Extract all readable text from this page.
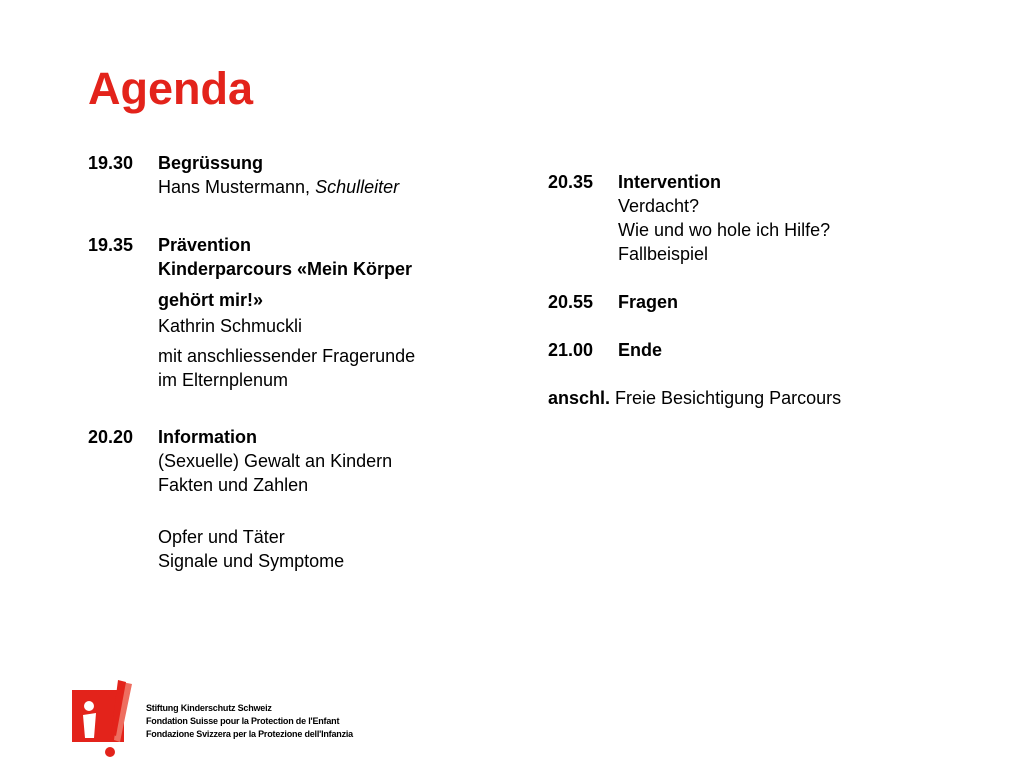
Agenda
19.30 Begrüssung
Hans Mustermann, Schulleiter
19.35 Prävention
Kinderparcours «Mein Körper
gehört mir!»
Kathrin Schmuckli
mit anschliessender Fragerunde
im Elternplenum
20.20 Information
(Sexuelle) Gewalt an Kindern
Fakten und Zahlen
Opfer und Täter
Signale und Symptome
20.35 Intervention
Verdacht?
Wie und wo hole ich Hilfe?
Fallbeispiel
20.55 Fragen
21.00 Ende
anschl. Freie Besichtigung Parcours
Stiftung Kinderschutz Schweiz
Fondation Suisse pour la Protection de l'Enfant
Fondazione Svizzera per la Protezione dell'Infanzia
